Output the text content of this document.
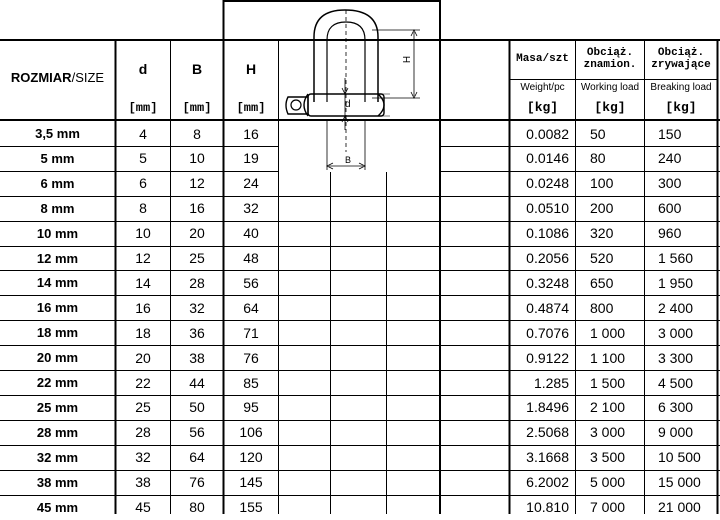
ROZMIAR /SIZE
d	B	H
[mm]	[mm]	[mm]
Masa/szt
Weight/pc
[kg]
Obciąż.
znamion.
Working load
[kg]
Obciąż.
zrywające
Breaking load
[kg]
H
d
B
3,5 mm	4	8	16	0.0082	50	150
5 mm	5	10	19	0.0146	80	240
6 mm	6	12	24	0.0248	100	300
8 mm	8	16	32	0.0510	200	600
10 mm	10	20	40	0.1086	320	960
12 mm	12	25	48	0.2056	520	1 560
14 mm	14	28	56	0.3248	650	1 950
16 mm	16	32	64	0.4874	800	2 400
18 mm	18	36	71	0.7076	1 000	3 000
20 mm	20	38	76	0.9122	1 100	3 300
22 mm	22	44	85	1.285	1 500	4 500
25 mm	25	50	95	1.8496	2 100	6 300
28 mm	28	56	106	2.5068	3 000	9 000
32 mm	32	64	120	3.1668	3 500	10 500
38 mm	38	76	145	6.2002	5 000	15 000
45 mm	45	80	155	10.810	7 000	21 000
